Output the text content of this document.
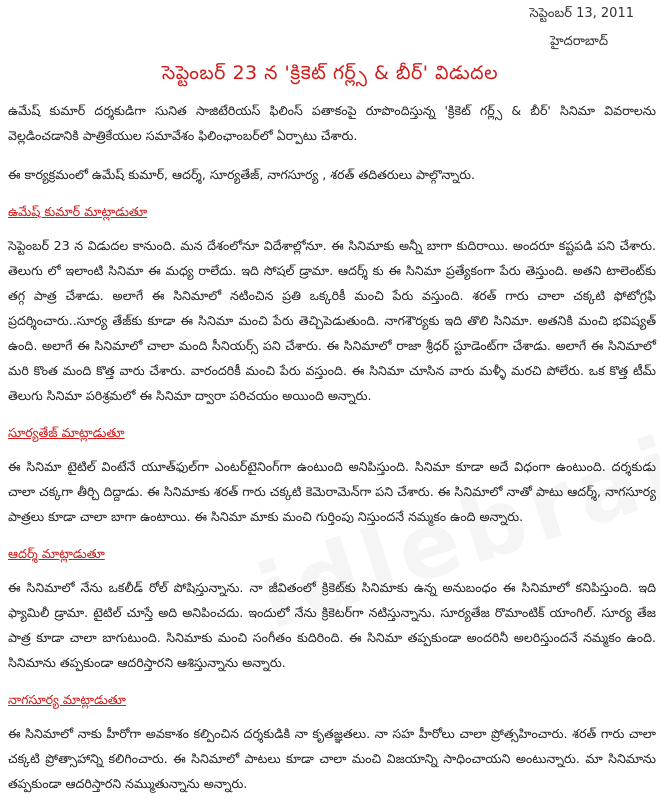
సెప్టెంబర్ 13, 2011
హైదరాబాద్
సెప్టెంబర్ 23 న 'క్రికెట్ గర్ల్స్ & బీర్' విడుదల

ఉమేష్ కుమార్ దర్శకుడిగా సునిత సాజిటేరియస్ ఫిలింస్ పతాకంపై రూపొందిస్తున్న 'క్రికెట్ గర్ల్స్ & బీర్' సినిమా వివరాలను వెల్లడించడానికి పాత్రికేయుల సమావేశం ఫిలింఛాంబర్‌లో ఏర్పాటు చేశారు.

ఈ కార్యక్రమంలో ఉమేష్ కుమార్, ఆదర్శ్, సూర్యతేజ్, నాగసూర్య , శరత్ తదితరులు పాల్గొన్నారు.

ఉమేష్ కుమార్ మాట్లాడుతూ

సెప్టెంబర్ 23 న విడుదల కానుంది. మన దేశంలోనూ విదేశాల్లోనూ. ఈ సినిమాకు అన్నీ బాగా కుదిరాయి. అందరూ కష్టపడి పని చేశారు. తెలుగు లో ఇలాంటి సినిమా ఈ మధ్య రాలేదు. ఇది సోషల్ డ్రామా. ఆదర్శ్ కు ఈ సినిమా ప్రత్యేకంగా పేరు తెస్తుంది. అతని టాలెంట్‌కు తగ్గ పాత్ర చేశాడు. అలాగే ఈ సినిమాలో నటించిన ప్రతి ఒక్కరికీ మంచి పేరు వస్తుంది. శరత్ గారు చాలా చక్కటి ఫోటోగ్రఫి ప్రదర్శించారు..సూర్య తేజ్‌కు కూడా ఈ సినిమా మంచి పేరు తెచ్చిపెడుతుంది. నాగశౌర్యకు ఇది తొలి సినిమా. అతనికి మంచి భవిష్యత్ ఉంది. అలాగే ఈ సినిమాలో చాలా మంది సీనియర్స్ పని చేశారు. ఈ సినిమాలో రాజా శ్రీధర్ స్టూడెంట్‌గా చేశాడు. అలాగే ఈ సినిమాలో మరి కొంత మంది కొత్త వారు చేశారు. వారందరికీ మంచి పేరు వస్తుంది. ఈ సినిమా చూసిన వారు మళ్ళీ మరచి పోలేరు. ఒక కొత్త టీమ్ తెలుగు సినిమా పరిశ్రమలో ఈ సినిమా ద్వారా పరిచయం అయింది అన్నారు.

సూర్యతేజ్ మాట్లాడుతూ

ఈ సినిమా టైటిల్ వింటేనే యూత్‌ఫుల్‌గా ఎంటర్‌టైనింగ్‌గా ఉంటుంది అనిపిస్తుంది. సినిమా కూడా అదే విధంగా ఉంటుంది. దర్శకుడు చాలా చక్కగా తీర్చి దిద్దాడు. ఈ సినిమాకు శరత్ గారు చక్కటి కెమెరామెన్‌గా పని చేశారు. ఈ సినిమాలో నాతో పాటు ఆదర్శ్, నాగసూర్య పాత్రలు కూడా చాలా బాగా ఉంటాయి. ఈ సినిమా మాకు మంచి గుర్తింపు నిస్తుందనే నమ్మకం ఉంది అన్నారు.

ఆదర్శ్ మాట్లాడుతూ

ఈ సినిమాలో నేను ఒకలీడ్ రోల్ పోషిస్తున్నాను. నా జీవితంలో క్రికెట్‌కు సినిమాకు ఉన్న అనుబంధం ఈ సినిమాలో కనిపిస్తుంది. ఇది ఫ్యామిలీ డ్రామా. టైటిల్ చూస్తే అది అనిపించదు. ఇందులో నేను క్రికెటర్‌గా నటిస్తున్నాను. సూర్యతేజ రొమాంటిక్ యాంగిల్. సూర్య తేజ పాత్ర కూడా చాలా బాగుటుంది. సినిమాకు మంచి సంగీతం కుదిరింది. ఈ సినిమా తప్పకుండా అందరినీ అలరిస్తుందనే నమ్మకం ఉంది. సినిమాను తప్పకుండా ఆదరిస్తారని ఆశిస్తున్నాను అన్నారు.

నాగసూర్య మాట్లాడుతూ

ఈ సినిమాలో నాకు హీరోగా అవకాశం కల్పించిన దర్శకుడికి నా కృతజ్ఞతలు. నా సహ హీరోలు చాలా ప్రోత్సహించారు. శరత్ గారు చాలా చక్కటి ప్రోత్సాహాన్ని కలిగించారు. ఈ సినిమాలో పాటలు కూడా చాలా మంచి విజయాన్ని సాధించాయని అంటున్నారు. మా సినిమాను తప్పకుండా ఆదరిస్తారని నమ్ముతున్నాను అన్నారు.
